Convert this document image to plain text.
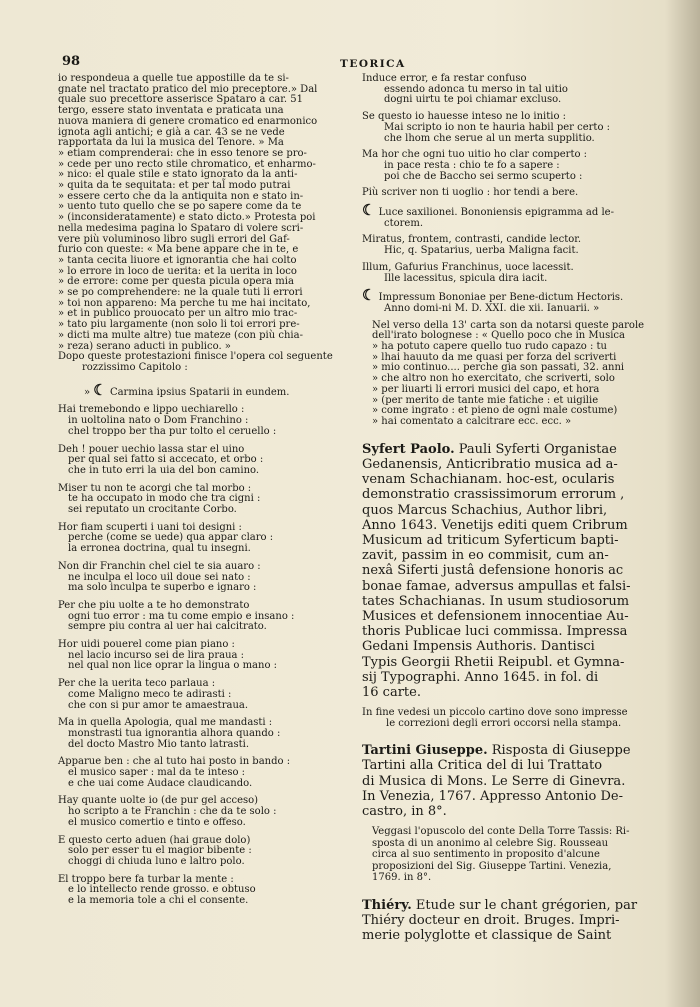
98	TEORICA

io respondeua a quelle tue appostille da te si-

gnate nel tractato pratico del mio preceptore.» Dal

quale suo precettore asserisce Spataro a car. 51

tergo, essere stato inventata e praticata una

nuova maniera di genere cromatico ed enarmonico

ignota agli antichi; e già a car. 43 se ne vede

rapportata da lui la musica del Tenore. » Ma

» etiam comprenderai: che in esso tenore se pro-

» cede per uno recto stile chromatico, et enharmo-

» nico: el quale stile e stato ignorato da la anti-

» quita da te sequitata: et per tal̃ modo putrai

» essere certo che da la antiquita non e stato in-

» uento tuto quello che se po sapere come da te

» (inconsideratamente) e stato dicto.» Protesta poi

nella medesima pagina lo Spataro di volere scri-

vere più voluminoso libro sugli errori del Gaf-

furio con queste: « Ma bene appare che in te, e

» tanta cecita liuore et ignorantia che hai colto

» lo errore in loco de uerita: et la uerita in loco

» de errore: come per questa picula opera mia

» se po comprehendere: ne la quale tuti li errori

» toi non appareno: Ma perche tu me hai incitato,

» et in publico prouocato per un altro mio trac-

» tato piu largamente (non solo li toi errori pre-

» dicti ma multe altre) tue mateze (con più chia-

» reza) serano aducti in publico. »

Dopo queste protestazioni finisce l'opera col seguente

rozzissimo Capitolo :

» ☾ Carmina ipsius Spatarii in eundem.

Hai tremebondo e lippo uechiarello :

in uoltolina nato o Dom Franchino :

chel troppo ber tha pur tolto el ceruello :

Deh ! pouer uechio lassa star el uino

per qual sei fatto si accecato, et orbo :

che in tuto erri la uia del bon camino.

Miser tu non te acorgi che tal morbo :

te ha occupato in modo che tra cigni :

sei reputato un crocitante Corbo.

Hor fiam scuperti i uani toi designi :

perche (come se uede) qua appar claro :

la erronea doctrina, qual tu insegni.

Non dir Franchin chel ciel te sia auaro :

ne inculpa el loco uil doue sei nato :

ma solo inculpa te superbo e ignaro :

Per che piu uolte a te ho demonstrato

ogni tuo error : ma tu come empio e insano :

sempre piu contra al uer hai calcitrato.

Hor uidi pouerel come pian piano :

nel lacio incurso sei de lira praua :

nel qual non lice oprar la lingua o mano :

Per che la uerita teco parlaua :

come Maligno meco te adirasti :

che con si pur amor te amaestraua.

Ma in quella Apologia, qual me mandasti :

monstrasti tua ignorantia alhora quando :

del docto Mastro Mio tanto latrasti.

Apparue ben : che al tuto hai posto in bando :

el musico saper : mal da te inteso :

e che uai come Audace claudicando.

Hay quante uolte io (de pur gel acceso)

ho scripto a te Franchin : che da te solo :

el musico comertio e tinto e offeso.

E questo certo aduen (hai graue dolo)

solo per esser tu el magior bibente :

choggi di chiuda luno e laltro polo.

El troppo bere fa turbar la mente :

e lo intellecto rende grosso. e obtuso

e la memoria tole a chi el consente.

Induce error, e fa restar confuso

essendo adonca tu merso in tal uitio

dogni uirtu te poi chiamar excluso.

Se questo io hauesse inteso ne lo initio :

Mai scripto io non te hauria habil per certo :

che lhom che serue al un merta supplitio.

Ma hor che ogni tuo uitio ho clar comperto :

in pace resta : chio te fo a sapere :

poi che de Baccho sei sermo scuperto :

Più scriver non ti uoglio : hor tendi a bere.

☾ Luce saxilionei. Bononiensis epigramma ad le-

ctorem.

Miratus, frontem, contrasti, candide lector.

Hic, q. Spatarius, uerba Maligna facit.

Illum, Gafurius Franchinus, uoce lacessit.

Ille lacessitus, spicula dira iacit.

☾ Impressum Bononiae per Bene-dictum Hectoris.

Anno domi-ni M. D. XXI. die xii. Ianuarii. »

Nel verso della 13' carta son da notarsi queste parole

dell'irato bolognese : « Quello poco che in Musica

» ha potuto capere quello tuo rudo capazo : tu

» lhai hauuto da me quasi per forza del scriverti

» mio continuo.... perche gia son passati, 32. anni

» che altro non ho exercitato, che scriverti, solo

» per liuarti li errori musici del capo, et hora

» (per merito de tante mie fatiche : et uigilie

» come ingrato : et pieno de ogni male costume)

» hai comentato a calcitrare ecc. ecc. »

Syfert Paolo. Pauli Syferti Organistae
Gedanensis, Anticribratio musica ad a-
venam Schachianam. hoc-est, ocularis
demonstratio crassissimorum errorum ,
quos Marcus Schachius, Author libri,
Anno 1643. Venetijs editi quem Cribrum
Musicum ad triticum Syferticum bapti-
zavit, passim in eo commisit, cum an-
nexâ Siferti justâ defensione honoris ac
bonae famae, adversus ampullas et falsi-
tates Schachianas. In usum studiosorum
Musices et defensionem innocentiae Au-
thoris Publicae luci commissa. Impressa
Gedani Impensis Authoris. Dantisci
Typis Georgii Rhetii Reipubl. et Gymna-
sij Typographi. Anno 1645. in fol. di
16 carte.

In fine vedesi un piccolo cartino dove sono impresse

le correzioni degli errori occorsi nella stampa.

Tartini Giuseppe. Risposta di Giuseppe
Tartini alla Critica del di lui Trattato
di Musica di Mons. Le Serre di Ginevra.
In Venezia, 1767. Appresso Antonio De-
castro, in 8°.

Veggasi l'opuscolo del conte Della Torre Tassis: Ri-

sposta di un anonimo al celebre Sig. Rousseau

circa al suo sentimento in proposito d'alcune

proposizioni del Sig. Giuseppe Tartini. Venezia,

1769. in 8°.

Thiéry. Etude sur le chant grégorien, par
Thiéry docteur en droit. Bruges. Impri-
merie polyglotte et classique de Saint
